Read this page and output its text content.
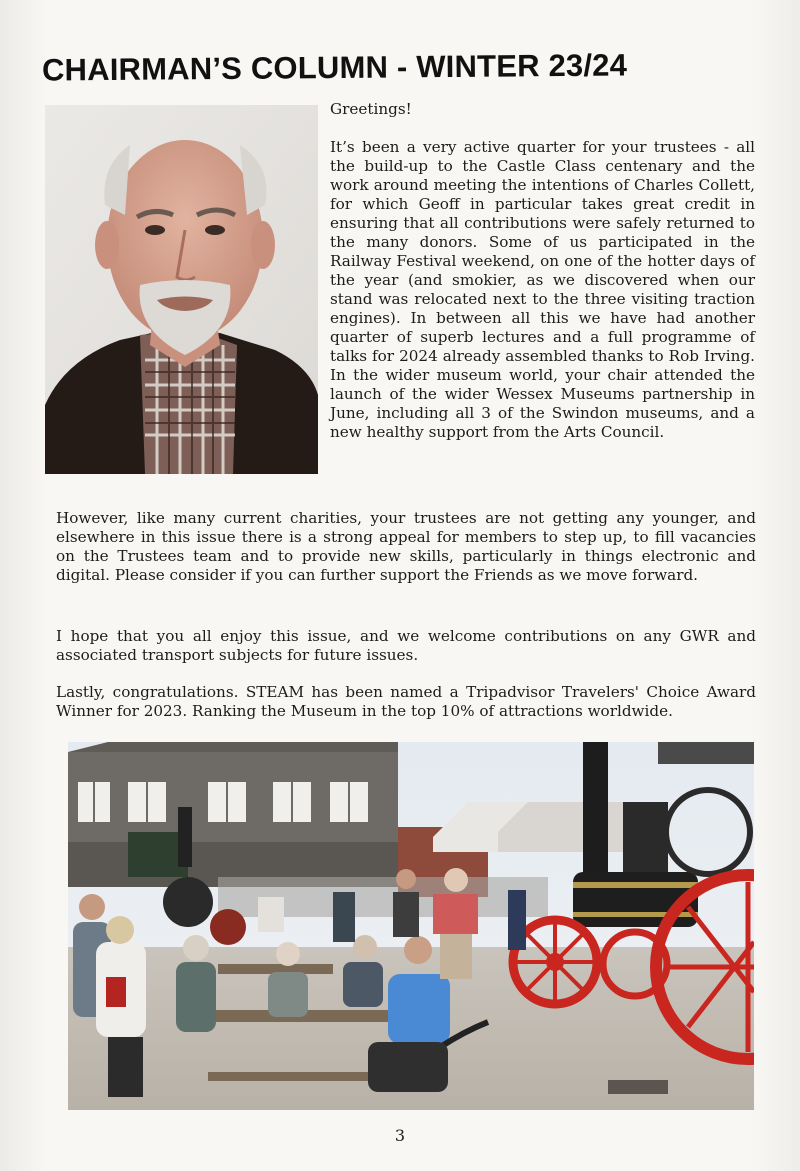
CHAIRMAN’S COLUMN - WINTER 23/24

Greetings!

It’s been a very active quarter for your trustees - all the build-up to the Castle Class centenary and the work around meeting the intentions of Charles Collett, for which Geoff in particular takes great credit in ensuring that all contributions were safely returned to the many donors. Some of us participated in the Railway Festival weekend, on one of the hotter days of the year (and smokier, as we discovered when our stand was relocated next to the three visiting traction engines). In between all this we have had another quarter of superb lectures and a full programme of talks for 2024 already assembled thanks to Rob Irving. In the wider museum world, your chair attended the launch of the wider Wessex Museums partnership in June, including all 3 of the Swindon museums, and a new healthy support from the Arts Council.

However, like many current charities, your trustees are not getting any younger, and elsewhere in this issue there is a strong appeal for members to step up, to fill vacancies on the Trustees team and to provide new skills, particularly in things electronic and digital. Please consider if you can further support the Friends as we move forward.

I hope that you all enjoy this issue, and we welcome contributions on any GWR and associated transport subjects for future issues.

Lastly, congratulations. STEAM has been named a Tripadvisor Travelers' Choice Award Winner for 2023. Ranking the Museum in the top 10% of attractions worldwide.

3
